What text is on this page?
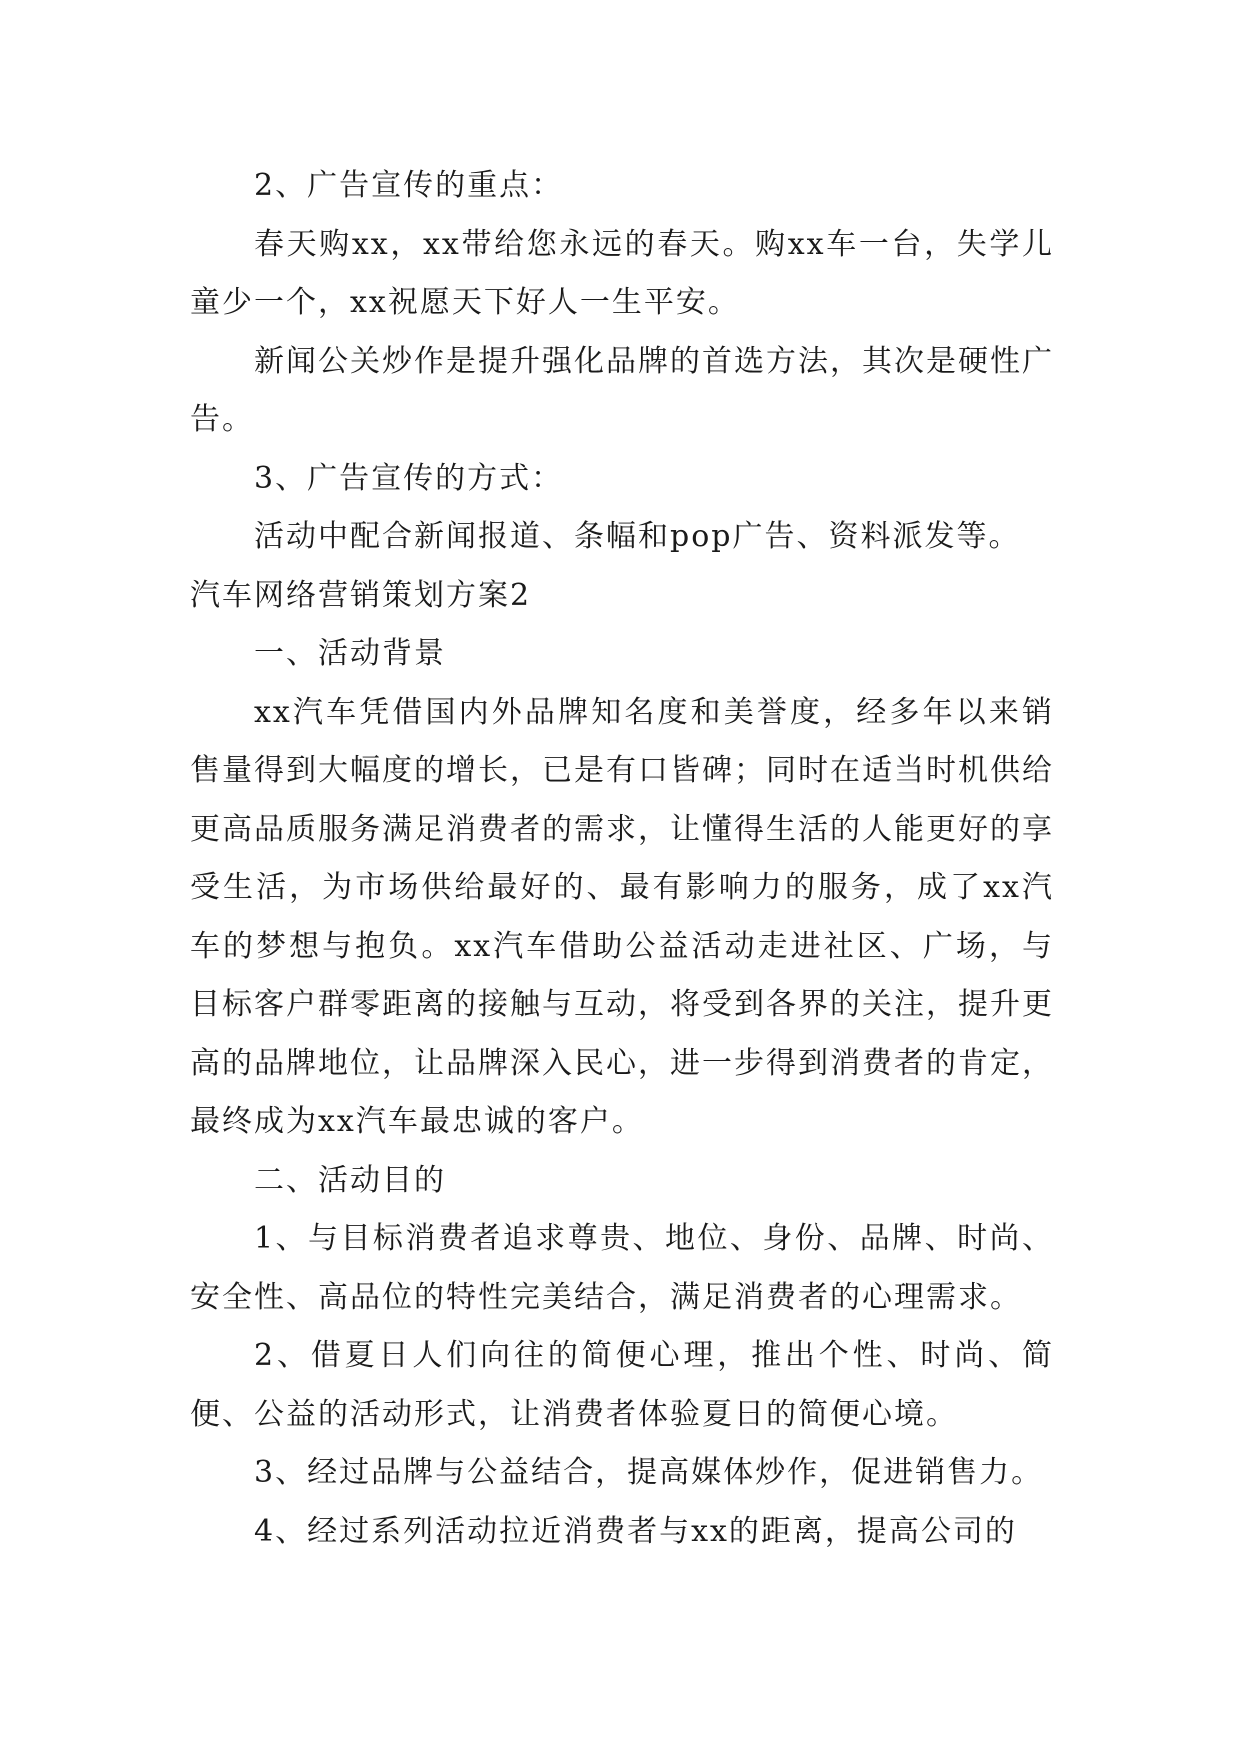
2、广告宣传的重点：

春天购xx，xx带给您永远的春天。购xx车一台，失学儿童少一个，xx祝愿天下好人一生平安。

新闻公关炒作是提升强化品牌的首选方法，其次是硬性广告。

3、广告宣传的方式：

活动中配合新闻报道、条幅和pop广告、资料派发等。

汽车网络营销策划方案2

一、活动背景

xx汽车凭借国内外品牌知名度和美誉度，经多年以来销售量得到大幅度的增长，已是有口皆碑；同时在适当时机供给更高品质服务满足消费者的需求，让懂得生活的人能更好的享受生活，为市场供给最好的、最有影响力的服务，成了xx汽车的梦想与抱负。xx汽车借助公益活动走进社区、广场，与目标客户群零距离的接触与互动，将受到各界的关注，提升更高的品牌地位，让品牌深入民心，进一步得到消费者的肯定，最终成为xx汽车最忠诚的客户。

二、活动目的

1、与目标消费者追求尊贵、地位、身份、品牌、时尚、安全性、高品位的特性完美结合，满足消费者的心理需求。

2、借夏日人们向往的简便心理，推出个性、时尚、简便、公益的活动形式，让消费者体验夏日的简便心境。

3、经过品牌与公益结合，提高媒体炒作，促进销售力。

4、经过系列活动拉近消费者与xx的距离，提高公司的
